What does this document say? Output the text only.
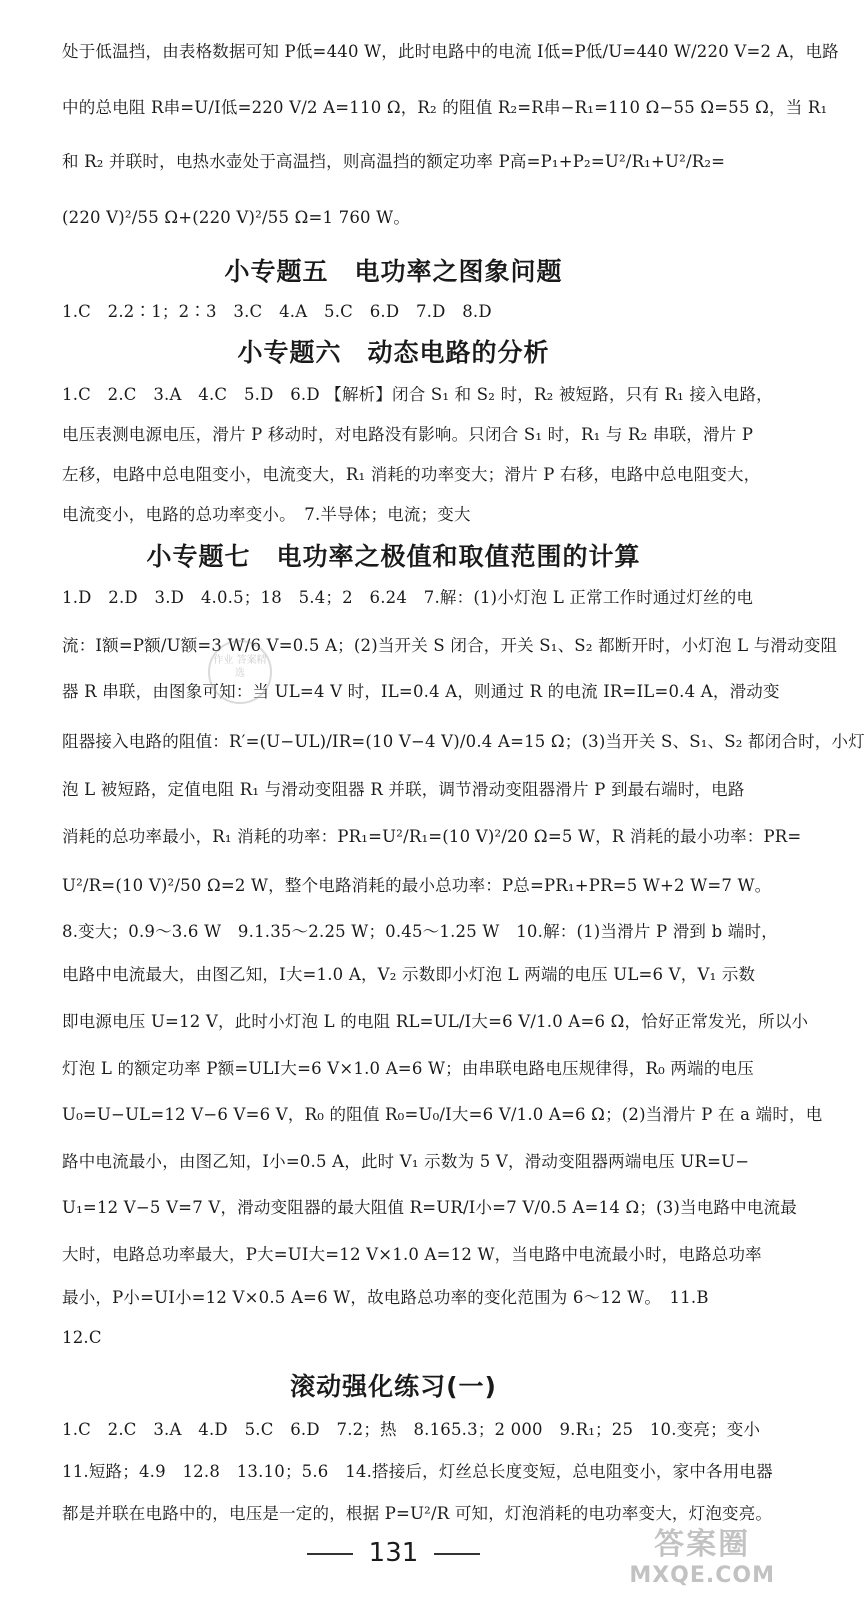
处于低温挡，由表格数据可知 P低=440 W，此时电路中的电流 I低=P低/U=440 W/220 V=2 A，电路
中的总电阻 R串=U/I低=220 V/2 A=110 Ω，R₂ 的阻值 R₂=R串−R₁=110 Ω−55 Ω=55 Ω，当 R₁
和 R₂ 并联时，电热水壶处于高温挡，则高温挡的额定功率 P高=P₁+P₂=U²/R₁+U²/R₂=
(220 V)²/55 Ω+(220 V)²/55 Ω=1 760 W。
小专题五　电功率之图象问题
1.C　2.2∶1；2∶3　3.C　4.A　5.C　6.D　7.D　8.D
小专题六　动态电路的分析
1.C　2.C　3.A　4.C　5.D　6.D 【解析】闭合 S₁ 和 S₂ 时，R₂ 被短路，只有 R₁ 接入电路，
电压表测电源电压，滑片 P 移动时，对电路没有影响。只闭合 S₁ 时，R₁ 与 R₂ 串联，滑片 P
左移，电路中总电阻变小，电流变大，R₁ 消耗的功率变大；滑片 P 右移，电路中总电阻变大，
电流变小，电路的总功率变小。　7.半导体；电流；变大
小专题七　电功率之极值和取值范围的计算
1.D　2.D　3.D　4.0.5；18　5.4；2　6.24　7.解：(1)小灯泡 L 正常工作时通过灯丝的电
流：I额=P额/U额=3 W/6 V=0.5 A；(2)当开关 S 闭合，开关 S₁、S₂ 都断开时，小灯泡 L 与滑动变阻
器 R 串联，由图象可知：当 UL=4 V 时，IL=0.4 A，则通过 R 的电流 IR=IL=0.4 A，滑动变
阻器接入电路的阻值：R′=(U−UL)/IR=(10 V−4 V)/0.4 A=15 Ω；(3)当开关 S、S₁、S₂ 都闭合时，小灯
泡 L 被短路，定值电阻 R₁ 与滑动变阻器 R 并联，调节滑动变阻器滑片 P 到最右端时，电路
消耗的总功率最小，R₁ 消耗的功率：PR₁=U²/R₁=(10 V)²/20 Ω=5 W，R 消耗的最小功率：PR=
U²/R=(10 V)²/50 Ω=2 W，整个电路消耗的最小总功率：P总=PR₁+PR=5 W+2 W=7 W。
8.变大；0.9～3.6 W　9.1.35～2.25 W；0.45～1.25 W　10.解：(1)当滑片 P 滑到 b 端时，
电路中电流最大，由图乙知，I大=1.0 A，V₂ 示数即小灯泡 L 两端的电压 UL=6 V，V₁ 示数
即电源电压 U=12 V，此时小灯泡 L 的电阻 RL=UL/I大=6 V/1.0 A=6 Ω，恰好正常发光，所以小
灯泡 L 的额定功率 P额=ULI大=6 V×1.0 A=6 W；由串联电路电压规律得，R₀ 两端的电压
U₀=U−UL=12 V−6 V=6 V，R₀ 的阻值 R₀=U₀/I大=6 V/1.0 A=6 Ω；(2)当滑片 P 在 a 端时，电
路中电流最小，由图乙知，I小=0.5 A，此时 V₁ 示数为 5 V，滑动变阻器两端电压 UR=U−
U₁=12 V−5 V=7 V，滑动变阻器的最大阻值 R=UR/I小=7 V/0.5 A=14 Ω；(3)当电路中电流最
大时，电路总功率最大，P大=UI大=12 V×1.0 A=12 W，当电路中电流最小时，电路总功率
最小，P小=UI小=12 V×0.5 A=6 W，故电路总功率的变化范围为 6～12 W。　11.B
12.C
滚动强化练习(一)
1.C　2.C　3.A　4.D　5.C　6.D　7.2；热　8.165.3；2 000　9.R₁；25　10.变亮；变小
11.短路；4.9　12.8　13.10；5.6　14.搭接后，灯丝总长度变短，总电阻变小，家中各用电器
都是并联在电路中的，电压是一定的，根据 P=U²/R 可知，灯泡消耗的电功率变大，灯泡变亮。
131
作业 答案精选
答案圈
MXQE.COM
